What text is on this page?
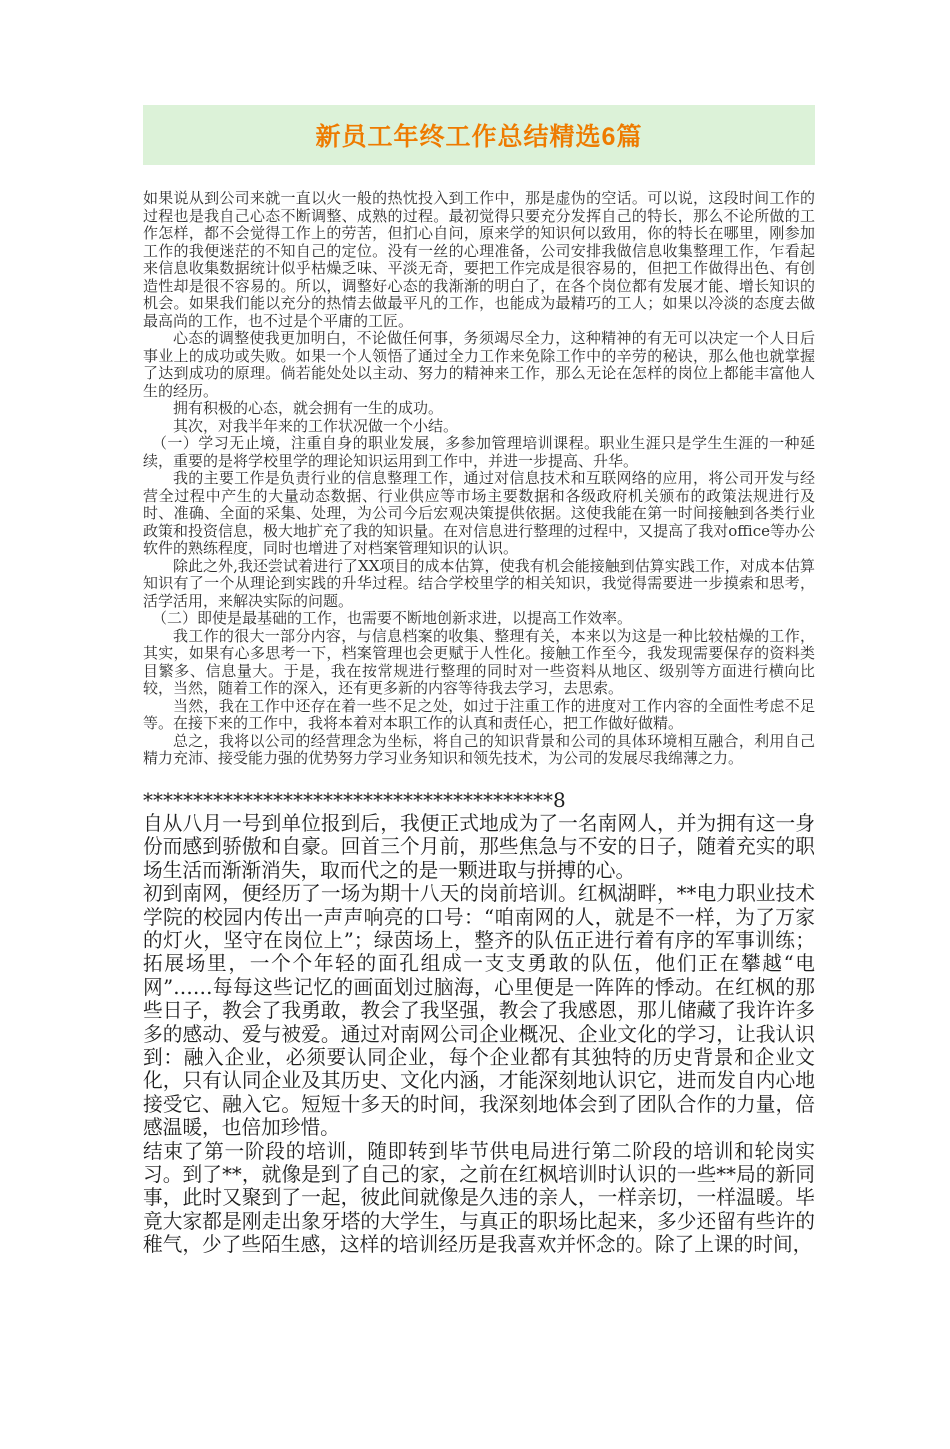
新员工年终工作总结精选6篇

如果说从到公司来就一直以火一般的热忱投入到工作中，那是虚伪的空话。可以说，这段时间工作的过程也是我自己心态不断调整、成熟的过程。最初觉得只要充分发挥自己的特长，那么不论所做的工作怎样，都不会觉得工作上的劳苦，但扪心自问，原来学的知识何以致用，你的特长在哪里，刚参加工作的我便迷茫的不知自己的定位。没有一丝的心理准备，公司安排我做信息收集整理工作，乍看起来信息收集数据统计似乎枯燥乏味、平淡无奇，要把工作完成是很容易的，但把工作做得出色、有创造性却是很不容易的。所以，调整好心态的我渐渐的明白了，在各个岗位都有发展才能、增长知识的机会。如果我们能以充分的热情去做最平凡的工作，也能成为最精巧的工人；如果以冷淡的态度去做最高尚的工作，也不过是个平庸的工匠。

心态的调整使我更加明白，不论做任何事，务须竭尽全力，这种精神的有无可以决定一个人日后事业上的成功或失败。如果一个人领悟了通过全力工作来免除工作中的辛劳的秘诀，那么他也就掌握了达到成功的原理。倘若能处处以主动、努力的精神来工作，那么无论在怎样的岗位上都能丰富他人生的经历。

拥有积极的心态，就会拥有一生的成功。

其次，对我半年来的工作状况做一个小结。

（一）学习无止境，注重自身的职业发展，多参加管理培训课程。职业生涯只是学生生涯的一种延续，重要的是将学校里学的理论知识运用到工作中，并进一步提高、升华。

我的主要工作是负责行业的信息整理工作，通过对信息技术和互联网络的应用，将公司开发与经营全过程中产生的大量动态数据、行业供应等市场主要数据和各级政府机关颁布的政策法规进行及时、准确、全面的采集、处理，为公司今后宏观决策提供依据。这使我能在第一时间接触到各类行业政策和投资信息，极大地扩充了我的知识量。在对信息进行整理的过程中，又提高了我对office等办公软件的熟练程度，同时也增进了对档案管理知识的认识。

除此之外,我还尝试着进行了XX项目的成本估算，使我有机会能接触到估算实践工作，对成本估算知识有了一个从理论到实践的升华过程。结合学校里学的相关知识，我觉得需要进一步摸索和思考，活学活用，来解决实际的问题。

（二）即使是最基础的工作，也需要不断地创新求进，以提高工作效率。

我工作的很大一部分内容，与信息档案的收集、整理有关，本来以为这是一种比较枯燥的工作，其实，如果有心多思考一下，档案管理也会更赋于人性化。接触工作至今，我发现需要保存的资料类目繁多、信息量大。于是，我在按常规进行整理的同时对一些资料从地区、级别等方面进行横向比较，当然，随着工作的深入，还有更多新的内容等待我去学习，去思索。

当然，我在工作中还存在着一些不足之处，如过于注重工作的进度对工作内容的全面性考虑不足等。在接下来的工作中，我将本着对本职工作的认真和责任心，把工作做好做精。

总之，我将以公司的经营理念为坐标，将自己的知识背景和公司的具体环境相互融合，利用自己精力充沛、接受能力强的优势努力学习业务知识和领先技术，为公司的发展尽我绵薄之力。

*****************************************8

自从八月一号到单位报到后，我便正式地成为了一名南网人，并为拥有这一身份而感到骄傲和自豪。回首三个月前，那些焦急与不安的日子，随着充实的职场生活而渐渐消失，取而代之的是一颗进取与拼搏的心。

初到南网，便经历了一场为期十八天的岗前培训。红枫湖畔，**电力职业技术学院的校园内传出一声声响亮的口号：“咱南网的人，就是不一样，为了万家的灯火，坚守在岗位上”；绿茵场上，整齐的队伍正进行着有序的军事训练；拓展场里，一个个年轻的面孔组成一支支勇敢的队伍，他们正在攀越“电网”……每每这些记忆的画面划过脑海，心里便是一阵阵的悸动。在红枫的那些日子，教会了我勇敢，教会了我坚强，教会了我感恩，那儿储藏了我许许多多的感动、爱与被爱。通过对南网公司企业概况、企业文化的学习，让我认识到：融入企业，必须要认同企业，每个企业都有其独特的历史背景和企业文化，只有认同企业及其历史、文化内涵，才能深刻地认识它，进而发自内心地接受它、融入它。短短十多天的时间，我深刻地体会到了团队合作的力量，倍感温暖，也倍加珍惜。

结束了第一阶段的培训，随即转到毕节供电局进行第二阶段的培训和轮岗实习。到了**，就像是到了自己的家，之前在红枫培训时认识的一些**局的新同事，此时又聚到了一起，彼此间就像是久违的亲人，一样亲切，一样温暖。毕竟大家都是刚走出象牙塔的大学生，与真正的职场比起来，多少还留有些许的稚气，少了些陌生感，这样的培训经历是我喜欢并怀念的。除了上课的时间，
